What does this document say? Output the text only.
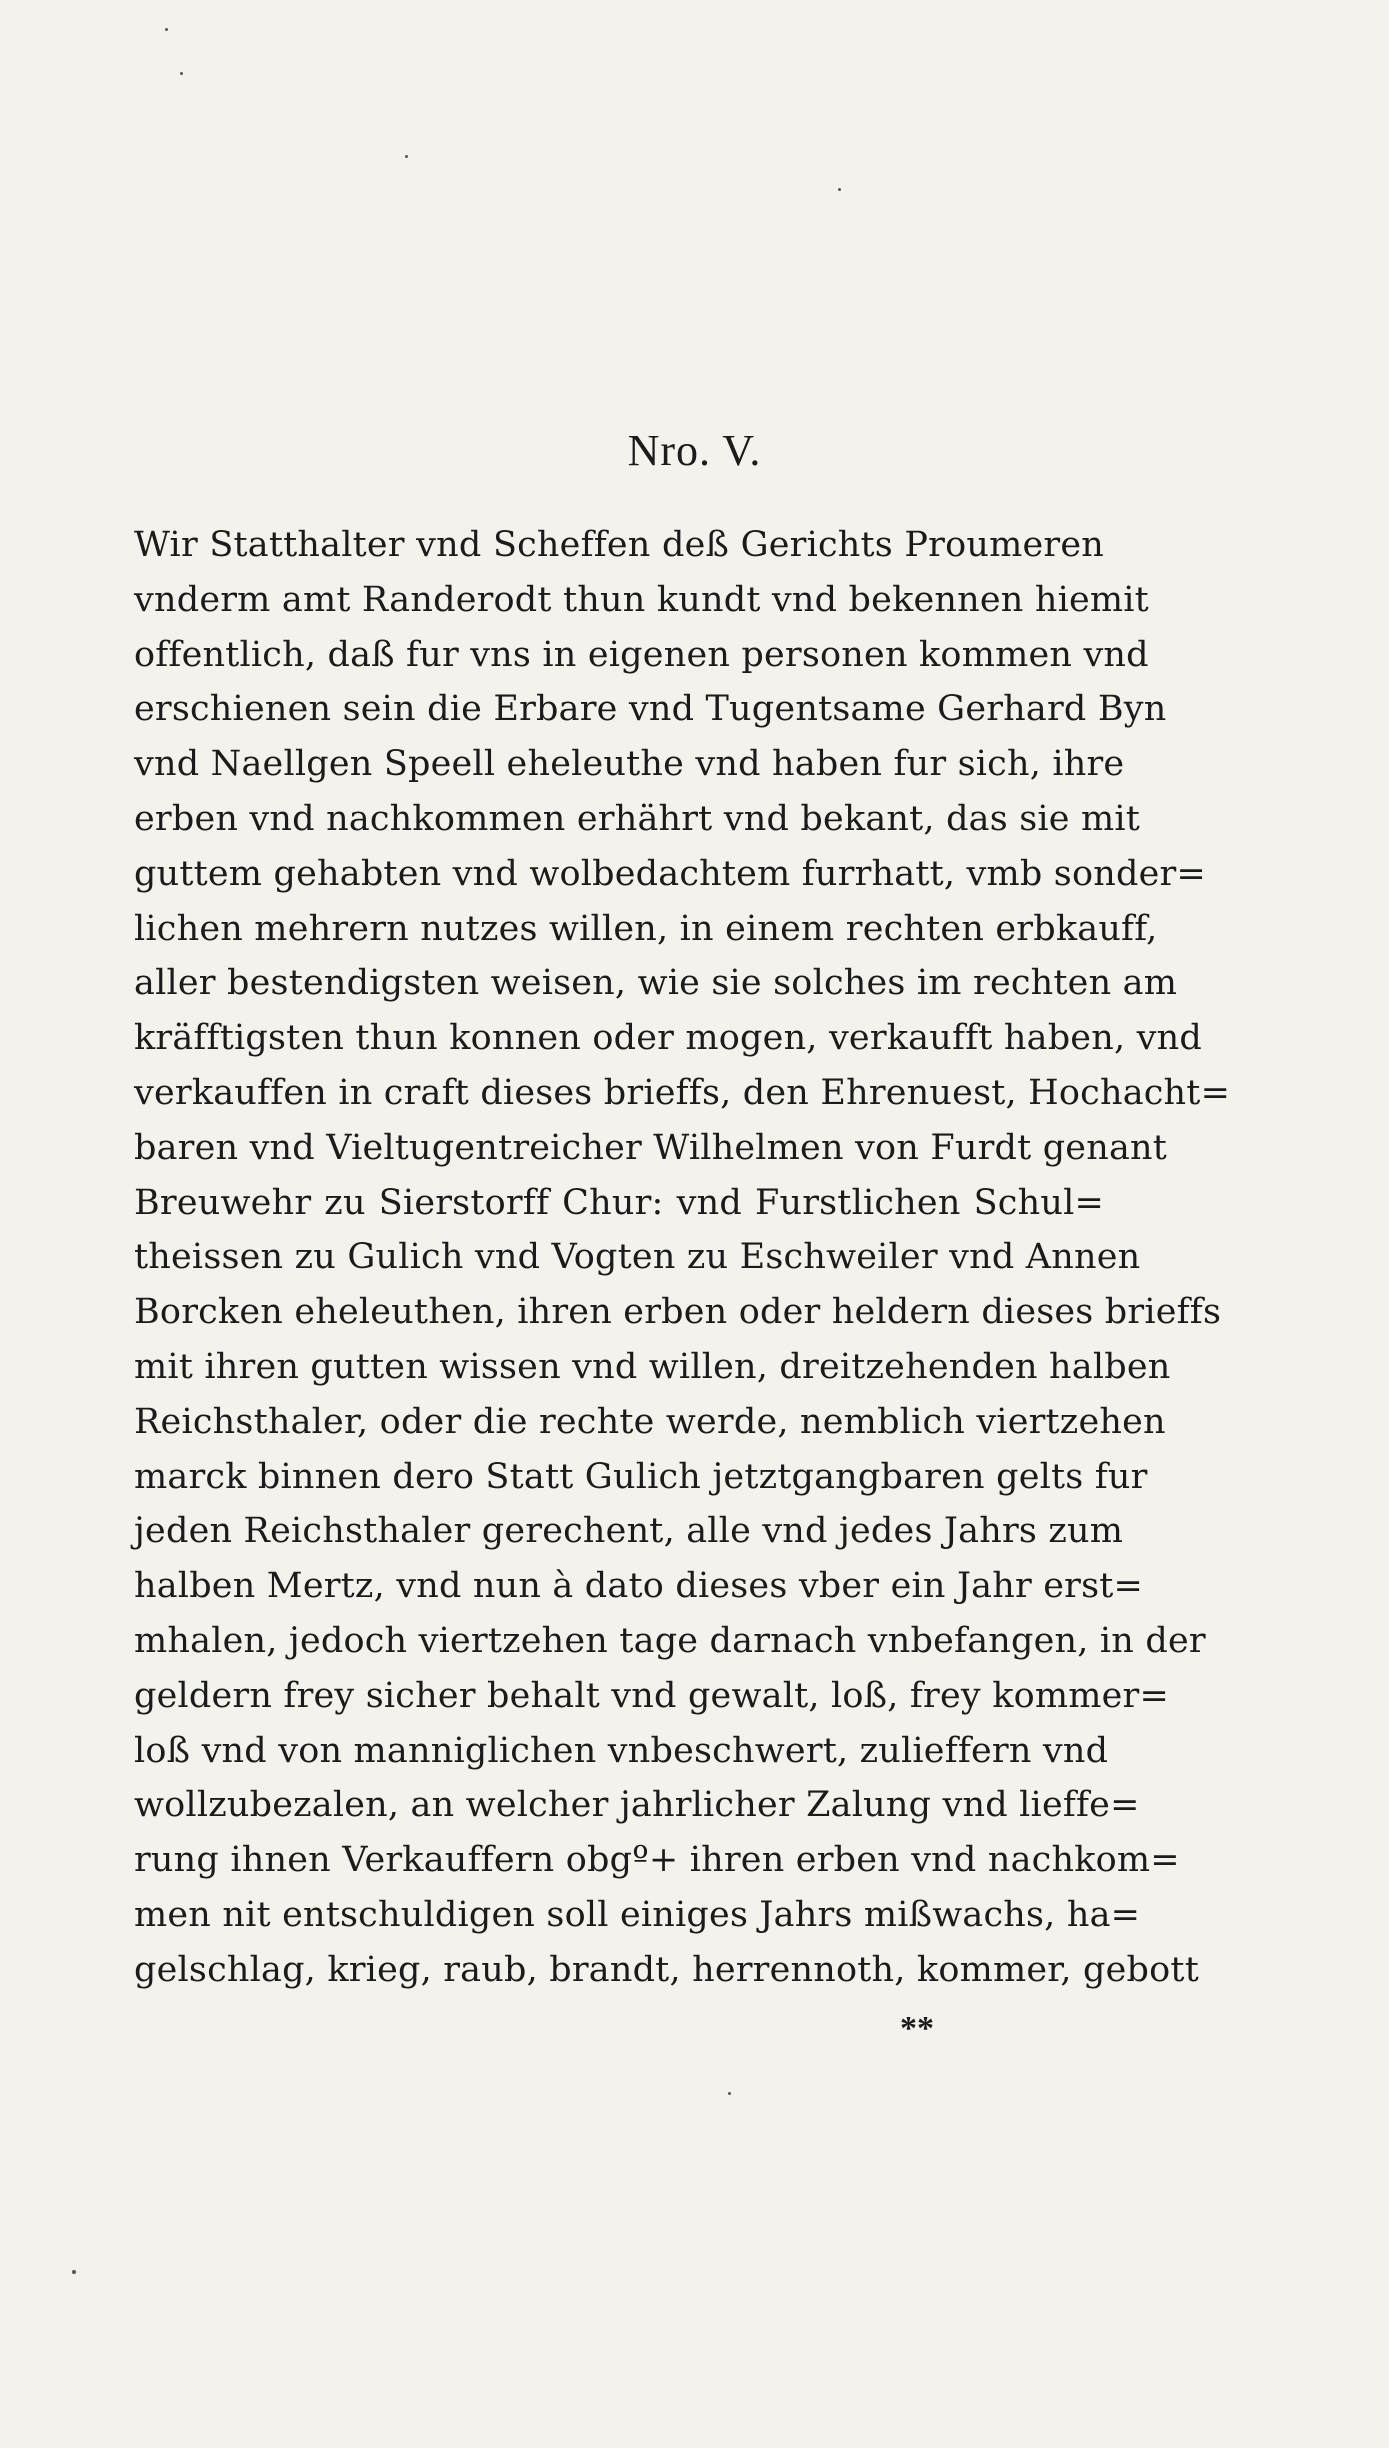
Nro. V.
Wir Statthalter vnd Scheffen deß Gerichts Proumeren
vnderm amt Randerodt thun kundt vnd bekennen hiemit
offentlich, daß fur vns in eigenen personen kommen vnd
erschienen sein die Erbare vnd Tugentsame Gerhard Byn
vnd Naellgen Speell eheleuthe vnd haben fur sich, ihre
erben vnd nachkommen erhährt vnd bekant, das sie mit
guttem gehabten vnd wolbedachtem furrhatt, vmb sonder=
lichen mehrern nutzes willen, in einem rechten erbkauff,
aller bestendigsten weisen, wie sie solches im rechten am
kräfftigsten thun konnen oder mogen, verkaufft haben, vnd
verkauffen in craft dieses brieffs, den Ehrenuest, Hochacht=
baren vnd Vieltugentreicher Wilhelmen von Furdt genant
Breuwehr zu Sierstorff Chur: vnd Furstlichen Schul=
theissen zu Gulich vnd Vogten zu Eschweiler vnd Annen
Borcken eheleuthen, ihren erben oder heldern dieses brieffs
mit ihren gutten wissen vnd willen, dreitzehenden halben
Reichsthaler, oder die rechte werde, nemblich viertzehen
marck binnen dero Statt Gulich jetztgangbaren gelts fur
jeden Reichsthaler gerechent, alle vnd jedes Jahrs zum
halben Mertz, vnd nun à dato dieses vber ein Jahr erst=
mhalen, jedoch viertzehen tage darnach vnbefangen, in der
geldern frey sicher behalt vnd gewalt, loß, frey kommer=
loß vnd von manniglichen vnbeschwert, zulieffern vnd
wollzubezalen, an welcher jahrlicher Zalung vnd lieffe=
rung ihnen Verkauffern obgº+ ihren erben vnd nachkom=
men nit entschuldigen soll einiges Jahrs mißwachs, ha=
gelschlag, krieg, raub, brandt, herrennoth, kommer, gebott
**
